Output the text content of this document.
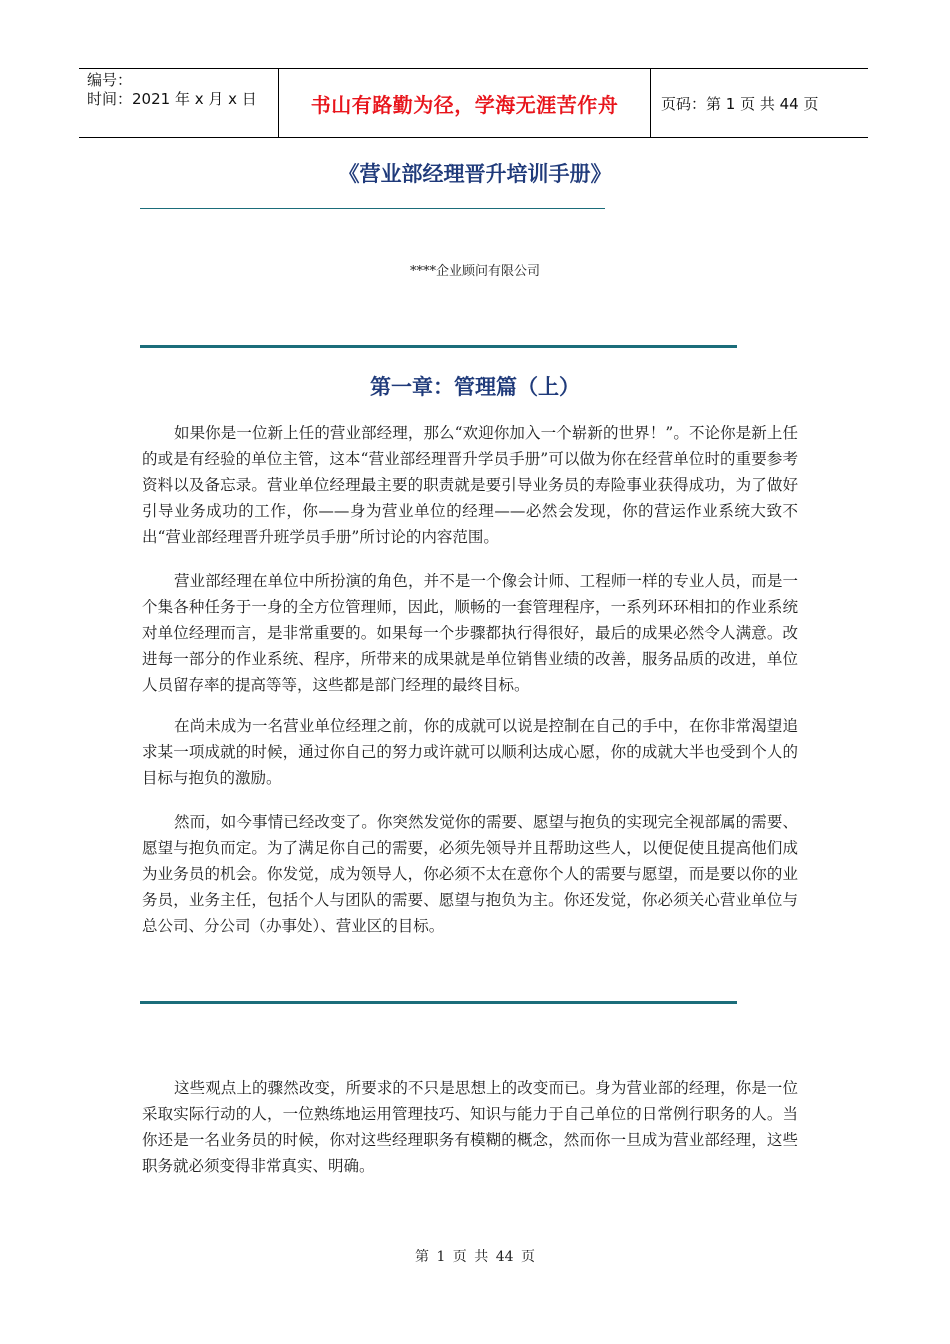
编号：
时间：2021 年 x 月 x 日	书山有路勤为径，学海无涯苦作舟	页码：第 1 页 共 44 页
《营业部经理晋升培训手册》
****企业顾问有限公司
第一章：管理篇（上）

如果你是一位新上任的营业部经理，那么“欢迎你加入一个崭新的世界！”。不论你是新上任的或是有经验的单位主管，这本“营业部经理晋升学员手册”可以做为你在经营单位时的重要参考资料以及备忘录。营业单位经理最主要的职责就是要引导业务员的寿险事业获得成功，为了做好引导业务成功的工作，你——身为营业单位的经理——必然会发现，你的营运作业系统大致不出“营业部经理晋升班学员手册”所讨论的内容范围。

营业部经理在单位中所扮演的角色，并不是一个像会计师、工程师一样的专业人员，而是一个集各种任务于一身的全方位管理师，因此，顺畅的一套管理程序，一系列环环相扣的作业系统对单位经理而言，是非常重要的。如果每一个步骤都执行得很好，最后的成果必然令人满意。改进每一部分的作业系统、程序，所带来的成果就是单位销售业绩的改善，服务品质的改进，单位人员留存率的提高等等，这些都是部门经理的最终目标。

在尚未成为一名营业单位经理之前，你的成就可以说是控制在自己的手中，在你非常渴望追求某一项成就的时候，通过你自己的努力或许就可以顺利达成心愿，你的成就大半也受到个人的目标与抱负的激励。

然而，如今事情已经改变了。你突然发觉你的需要、愿望与抱负的实现完全视部属的需要、愿望与抱负而定。为了满足你自己的需要，必须先领导并且帮助这些人，以便促使且提高他们成为业务员的机会。你发觉，成为领导人，你必须不太在意你个人的需要与愿望，而是要以你的业务员，业务主任，包括个人与团队的需要、愿望与抱负为主。你还发觉，你必须关心营业单位与总公司、分公司（办事处）、营业区的目标。

这些观点上的骤然改变，所要求的不只是思想上的改变而已。身为营业部的经理，你是一位采取实际行动的人，一位熟练地运用管理技巧、知识与能力于自己单位的日常例行职务的人。当你还是一名业务员的时候，你对这些经理职务有模糊的概念，然而你一旦成为营业部经理，这些职务就必须变得非常真实、明确。

第 1 页 共 44 页
